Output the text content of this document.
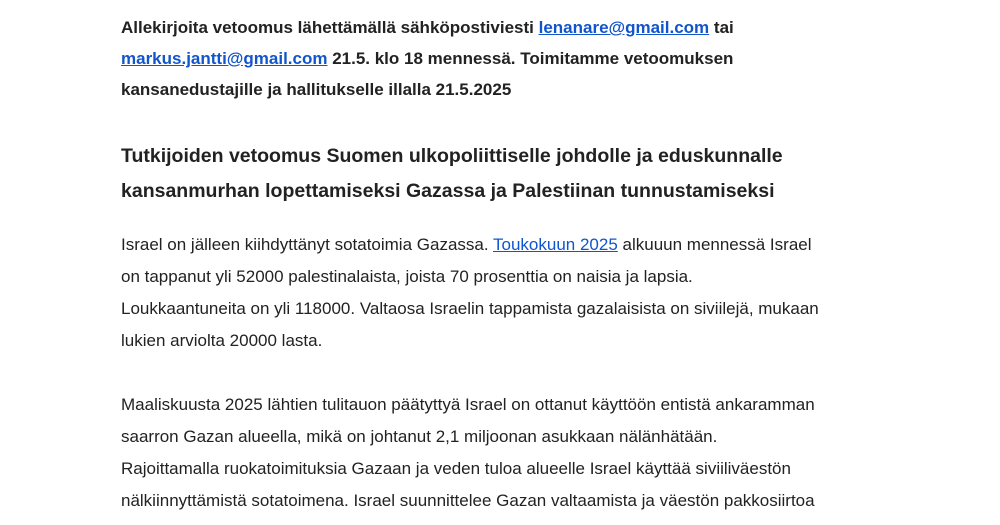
Allekirjoita vetoomus lähettämällä sähköpostiviesti lenanare@gmail.com tai
markus.jantti@gmail.com 21.5. klo 18 mennessä. Toimitamme vetoomuksen
kansanedustajille ja hallitukselle illalla 21.5.2025
Tutkijoiden vetoomus Suomen ulkopoliittiselle johdolle ja eduskunnalle
kansanmurhan lopettamiseksi Gazassa ja Palestiinan tunnustamiseksi
Israel on jälleen kiihdyttänyt sotatoimia Gazassa. Toukokuun 2025 alkuuun mennessä Israel
on tappanut yli 52000 palestinalaista, joista 70 prosenttia on naisia ja lapsia.
Loukkaantuneita on yli 118000. Valtaosa Israelin tappamista gazalaisista on siviilejä, mukaan
lukien arviolta 20000 lasta.
Maaliskuusta 2025 lähtien tulitauon päätyttyä Israel on ottanut käyttöön entistä ankaramman
saarron Gazan alueella, mikä on johtanut 2,1 miljoonan asukkaan nälänhätään.
Rajoittamalla ruokatoimituksia Gazaan ja veden tuloa alueelle Israel käyttää siviiliväestön
nälkiinnyttämistä sotatoimena. Israel suunnittelee Gazan valtaamista ja väestön pakkosiirtoa
